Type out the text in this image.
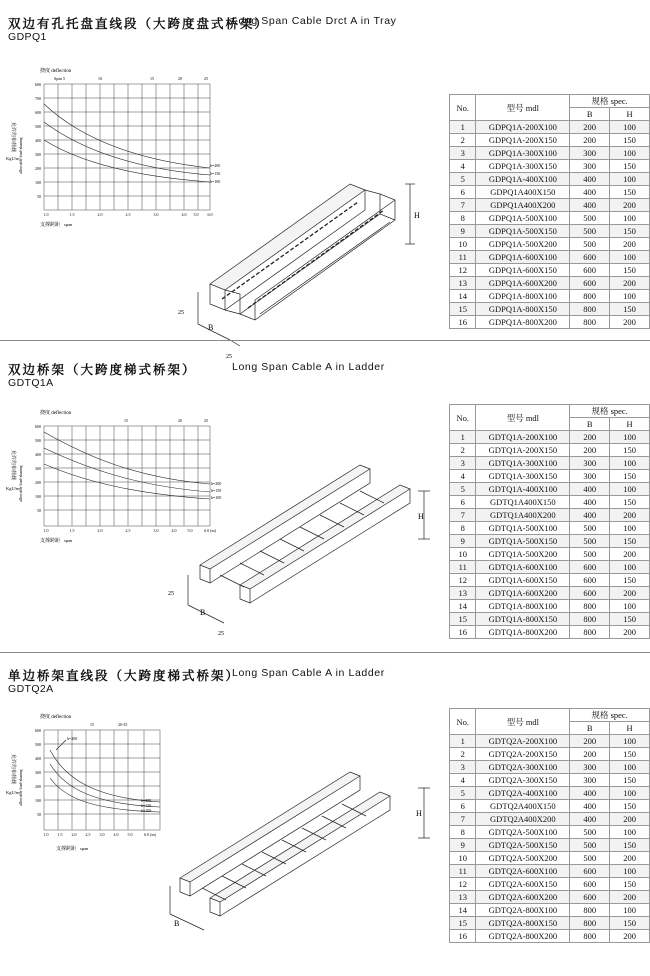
双边有孔托盘直线段（大跨度盘式桥架）
Long Span Cable Drct A in Tray
GDPQ1
挠度 deflection
Span 5	10	15	20	25
600
700
600
500
400
300
200
100
50
允许均布荷载
allowable load-sharing
KgU/m
h=200
h=150
h=100
1.0	1.5	2.0	2.5	3.0	4.0 5.0 6.0
支撑跨距 span
H
B
25
25
No.	型号 mdl	规格 spec.	
		B	H
1	GDPQ1A-200X100	200	100
2	GDPQ1A-200X150	200	150
3	GDPQ1A-300X100	300	100
4	GDPQ1A-300X150	300	150
5	GDPQ1A-400X100	400	100
6	GDPQ1A400X150	400	150
7	GDPQ1A400X200	400	200
8	GDPQ1A-500X100	500	100
9	GDPQ1A-500X150	500	150
10	GDPQ1A-500X200	500	200
11	GDPQ1A-600X100	600	100
12	GDPQ1A-600X150	600	150
13	GDPQ1A-600X200	600	200
14	GDPQ1A-800X100	800	100
15	GDPQ1A-800X150	800	150
16	GDPQ1A-800X200	800	200
双边桥架（大跨度梯式桥架）	Long Span Cable A in Ladder
GDTQ1A
挠度 deflection
15	20	25
600
500
400
300
200
100
50
允许均布荷载
allowable load-sharing
KgU/m
h=200
h=150
h=100
1.0	1.5	2.0	2.5	3.0	4.0	5.0	6.0 (m)
支撑跨距 span
H
B
25
25
No.	型号 mdl	规格 spec.	
		B	H
1	GDTQ1A-200X100	200	100
2	GDTQ1A-200X150	200	150
3	GDTQ1A-300X100	300	100
4	GDTQ1A-300X150	300	150
5	GDTQ1A-400X100	400	100
6	GDTQ1A400X150	400	150
7	GDTQ1A400X200	400	200
8	GDTQ1A-500X100	500	100
9	GDTQ1A-500X150	500	150
10	GDTQ1A-500X200	500	200
11	GDTQ1A-600X100	600	100
12	GDTQ1A-600X150	600	150
13	GDTQ1A-600X200	600	200
14	GDTQ1A-800X100	800	100
15	GDTQ1A-800X150	800	150
16	GDTQ1A-800X200	800	200
单边桥架直线段（大跨度梯式桥架）
Long Span Cable A in Ladder
GDTQ2A
挠度 deflection
15	20-25
600
500
400
300
200
100
50
允许均布荷载
allowable load-sharing
KgU/m
h=200
h=200
h=150
h=100
1.0 1.5 2.0 2.5 3.0 4.0 5.0	6.0 (m)
支撑跨距 span
H
B
No.	型号 mdl	规格 spec.	
		B	H
1	GDTQ2A-200X100	200	100
2	GDTQ2A-200X150	200	150
3	GDTQ2A-300X100	300	100
4	GDTQ2A-300X150	300	150
5	GDTQ2A-400X100	400	100
6	GDTQ2A400X150	400	150
7	GDTQ2A400X200	400	200
8	GDTQ2A-500X100	500	100
9	GDTQ2A-500X150	500	150
10	GDTQ2A-500X200	500	200
11	GDTQ2A-600X100	600	100
12	GDTQ2A-600X150	600	150
13	GDTQ2A-600X200	600	200
14	GDTQ2A-800X100	800	100
15	GDTQ2A-800X150	800	150
16	GDTQ2A-800X200	800	200
